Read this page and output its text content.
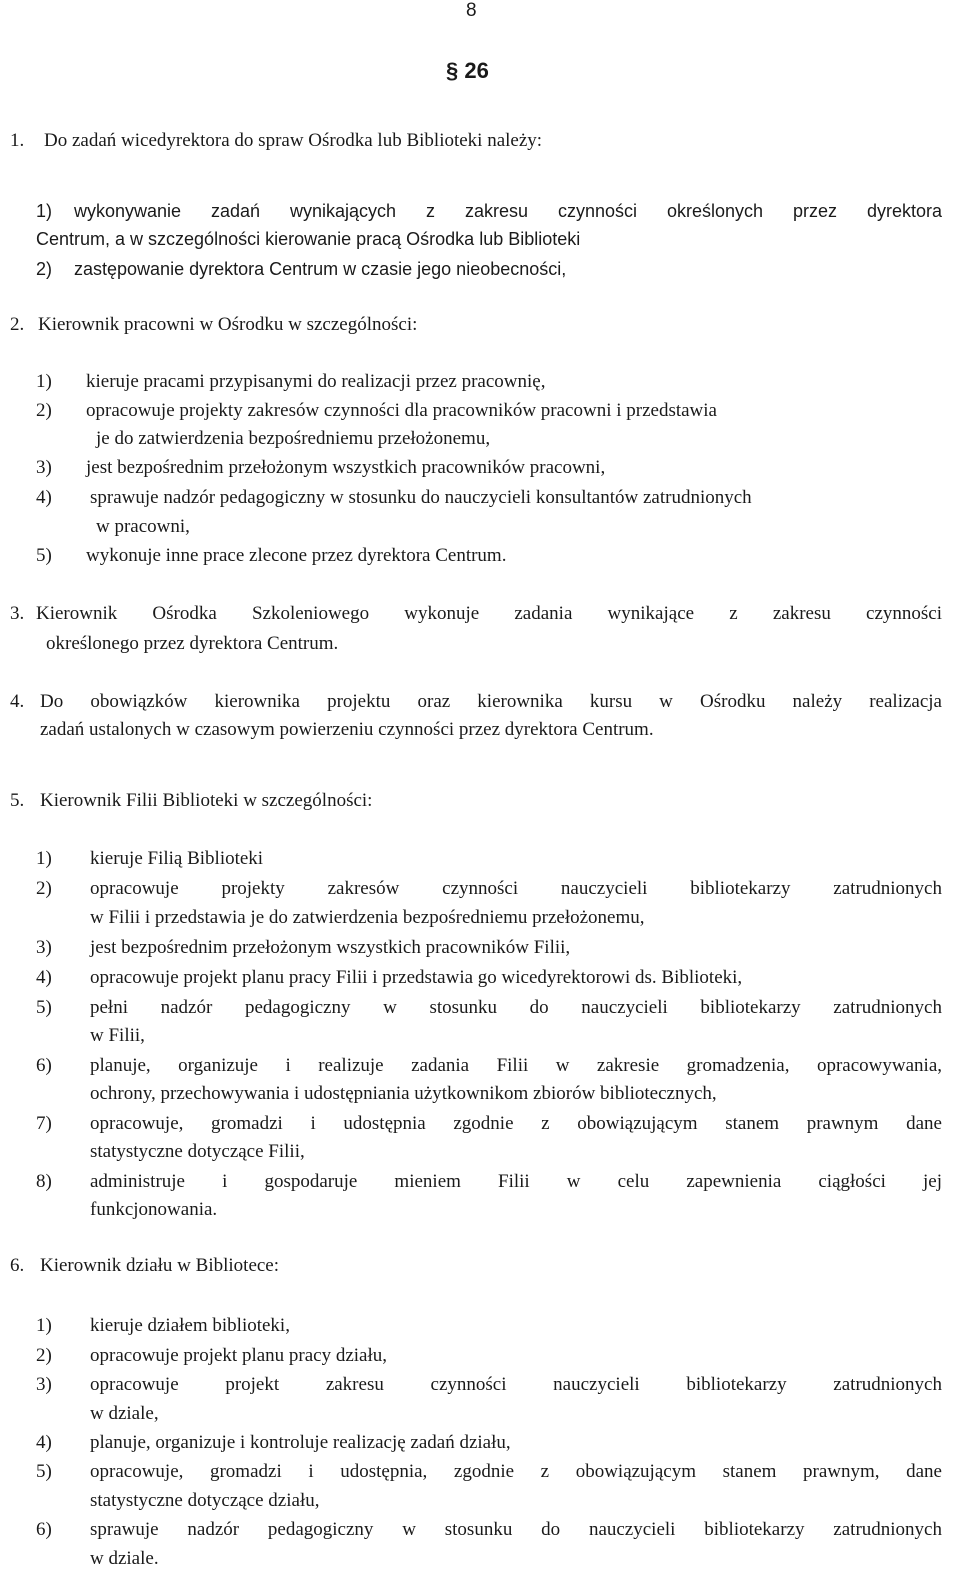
8
§ 26
1. Do zadań wicedyrektora do spraw Ośrodka lub Biblioteki należy:
1) wykonywanie zadań wynikających z zakresu czynności określonych przez dyrektora
Centrum, a w szczególności kierowanie pracą Ośrodka lub Biblioteki
2) zastępowanie dyrektora Centrum w czasie jego nieobecności,
2. Kierownik pracowni w Ośrodku w szczególności:
1) kieruje pracami przypisanymi do realizacji przez pracownię,
2) opracowuje projekty zakresów czynności dla pracowników pracowni i przedstawia
je do zatwierdzenia bezpośredniemu przełożonemu,
3) jest bezpośrednim przełożonym wszystkich pracowników pracowni,
4) sprawuje nadzór pedagogiczny w stosunku do nauczycieli konsultantów zatrudnionych
w pracowni,
5) wykonuje inne prace zlecone przez dyrektora Centrum.
3. Kierownik Ośrodka Szkoleniowego wykonuje zadania wynikające z zakresu czynności
określonego przez dyrektora Centrum.
4. Do obowiązków kierownika projektu oraz kierownika kursu w Ośrodku należy realizacja
zadań ustalonych w czasowym powierzeniu czynności przez dyrektora Centrum.
5. Kierownik Filii Biblioteki w szczególności:
1) kieruje Filią Biblioteki
2) opracowuje projekty zakresów czynności nauczycieli bibliotekarzy zatrudnionych
w Filii i przedstawia je do zatwierdzenia bezpośredniemu przełożonemu,
3) jest bezpośrednim przełożonym wszystkich pracowników Filii,
4) opracowuje projekt planu pracy Filii i przedstawia go wicedyrektorowi ds. Biblioteki,
5) pełni nadzór pedagogiczny w stosunku do nauczycieli bibliotekarzy zatrudnionych
w Filii,
6) planuje, organizuje i realizuje zadania Filii w zakresie gromadzenia, opracowywania,
ochrony, przechowywania i udostępniania użytkownikom zbiorów bibliotecznych,
7) opracowuje, gromadzi i udostępnia zgodnie z obowiązującym stanem prawnym dane
statystyczne dotyczące Filii,
8) administruje i gospodaruje mieniem Filii w celu zapewnienia ciągłości jej
funkcjonowania.
6. Kierownik działu w Bibliotece:
1) kieruje działem biblioteki,
2) opracowuje projekt planu pracy działu,
3) opracowuje projekt zakresu czynności nauczycieli bibliotekarzy zatrudnionych
w dziale,
4) planuje, organizuje i kontroluje realizację zadań działu,
5) opracowuje, gromadzi i udostępnia, zgodnie z obowiązującym stanem prawnym, dane
statystyczne dotyczące działu,
6) sprawuje nadzór pedagogiczny w stosunku do nauczycieli bibliotekarzy zatrudnionych
w dziale.
